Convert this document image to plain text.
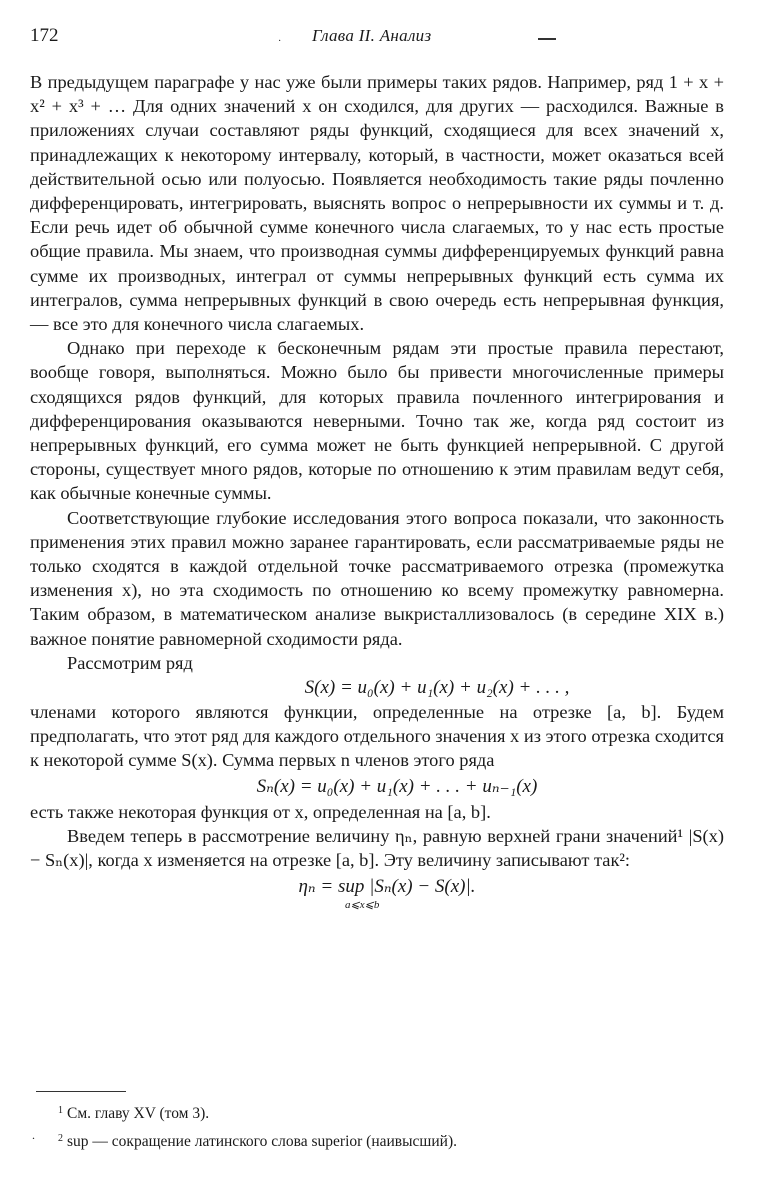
172	· Глава II. Анализ

В предыдущем параграфе у нас уже были примеры таких рядов. Например, ряд 1 + x + x² + x³ + … Для одних значений x он сходился, для других — расходился. Важные в приложениях случаи составляют ряды функций, сходящиеся для всех значений x, принадлежащих к некоторому интервалу, который, в частности, может оказаться всей действительной осью или полуосью. Появляется необходимость такие ряды почленно дифференцировать, интегрировать, выяснять вопрос о непрерывности их суммы и т. д. Если речь идет об обычной сумме конечного числа слагаемых, то у нас есть простые общие правила. Мы знаем, что производная суммы дифференцируемых функций равна сумме их производных, интеграл от суммы непрерывных функций есть сумма их интегралов, сумма непрерывных функций в свою очередь есть непрерывная функция, — все это для конечного числа слагаемых.

Однако при переходе к бесконечным рядам эти простые правила перестают, вообще говоря, выполняться. Можно было бы привести многочисленные примеры сходящихся рядов функций, для которых правила почленного интегрирования и дифференцирования оказываются неверными. Точно так же, когда ряд состоит из непрерывных функций, его сумма может не быть функцией непрерывной. С другой стороны, существует много рядов, которые по отношению к этим правилам ведут себя, как обычные конечные суммы.

Соответствующие глубокие исследования этого вопроса показали, что законность применения этих правил можно заранее гарантировать, если рассматриваемые ряды не только сходятся в каждой отдельной точке рассматриваемого отрезка (промежутка изменения x), но эта сходимость по отношению ко всему промежутку равномерна. Таким образом, в математическом анализе выкристаллизовалось (в середине XIX в.) важное понятие равномерной сходимости ряда.

Рассмотрим ряд

S(x) = u₀(x) + u₁(x) + u₂(x) + . . . ,

членами которого являются функции, определенные на отрезке [a, b]. Будем предполагать, что этот ряд для каждого отдельного значения x из этого отрезка сходится к некоторой сумме S(x). Сумма первых n членов этого ряда

Sₙ(x) = u₀(x) + u₁(x) + . . . + uₙ₋₁(x)

есть также некоторая функция от x, определенная на [a, b].

Введем теперь в рассмотрение величину ηₙ, равную верхней грани значений¹ |S(x) − Sₙ(x)|, когда x изменяется на отрезке [a, b]. Эту величину записывают так²:

ηₙ = sup |Sₙ(x) − S(x)|.
a⩽x⩽b
.

$^1$ См. главу XV (том 3).

$^2$ sup — сокращение латинского слова superior (наивысший).
